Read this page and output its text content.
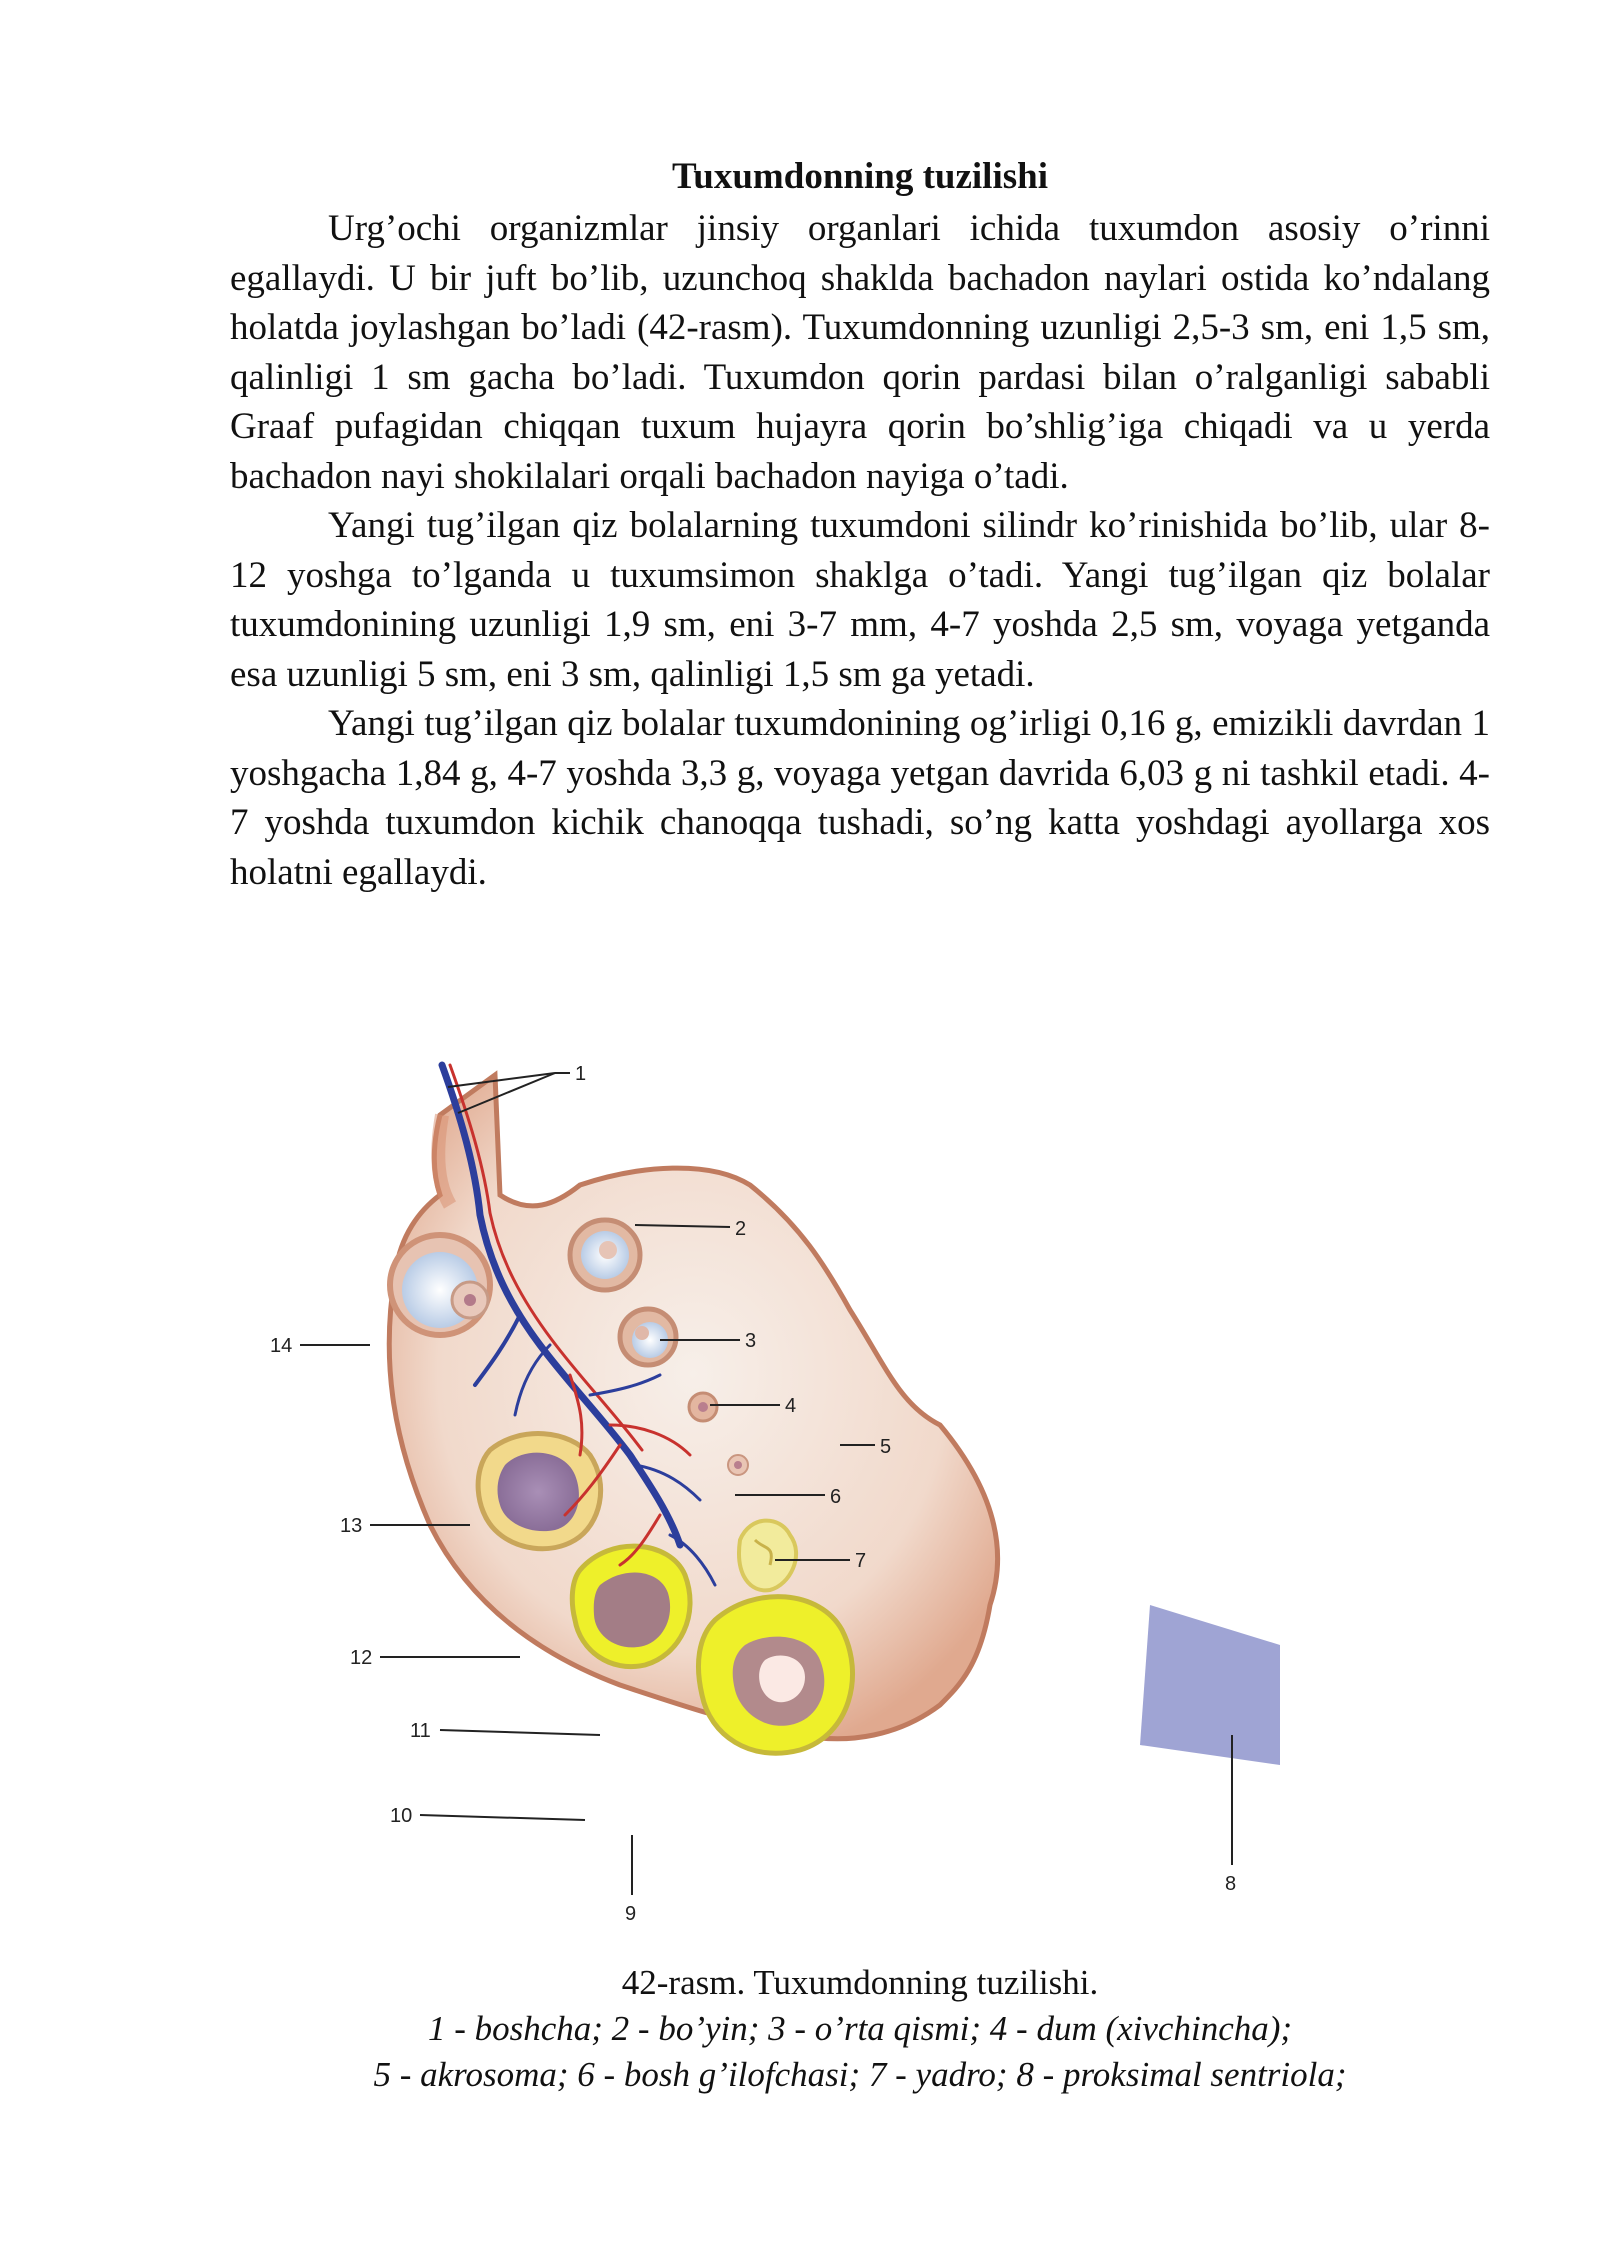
Tuxumdonning tuzilishi

Urg’ochi organizmlar jinsiy organlari ichida tuxumdon asosiy o’rinni egallaydi. U bir juft bo’lib, uzunchoq shaklda bachadon naylari ostida ko’ndalang holatda joylashgan bo’ladi (42-rasm). Tuxumdonning uzunligi 2,5-3 sm, eni 1,5 sm, qalinligi 1 sm gacha bo’ladi. Tuxumdon qorin pardasi bilan o’ralganligi sababli Graaf pufagidan chiqqan tuxum hujayra qorin bo’shlig’iga chiqadi va u yerda bachadon nayi shokilalari orqali bachadon nayiga o’tadi.

Yangi tug’ilgan qiz bolalarning tuxumdoni silindr ko’rinishida bo’lib, ular 8-12 yoshga to’lganda u tuxumsimon shaklga o’tadi. Yangi tug’ilgan qiz bolalar tuxumdonining uzunligi 1,9 sm, eni 3-7 mm, 4-7 yoshda 2,5 sm, voyaga yetganda esa uzunligi 5 sm, eni 3 sm, qalinligi 1,5 sm ga yetadi.

Yangi tug’ilgan qiz bolalar tuxumdonining og’irligi 0,16 g, emizikli davrdan 1 yoshgacha 1,84 g, 4-7 yoshda 3,3 g, voyaga yetgan davrida 6,03 g ni tashkil etadi. 4-7 yoshda tuxumdon kichik chanoqqa tushadi, so’ng katta yoshdagi ayollarga xos holatni egallaydi.

1
2
3
4
5
6
7
8
9
10
11
12
13
14
42-rasm. Tuxumdonning tuzilishi.
1 - boshcha; 2 - bo’yin; 3 - o’rta qismi; 4 - dum (xivchincha);
5 - akrosoma; 6 - bosh g’ilofchasi; 7 - yadro; 8 - proksimal sentriola;
